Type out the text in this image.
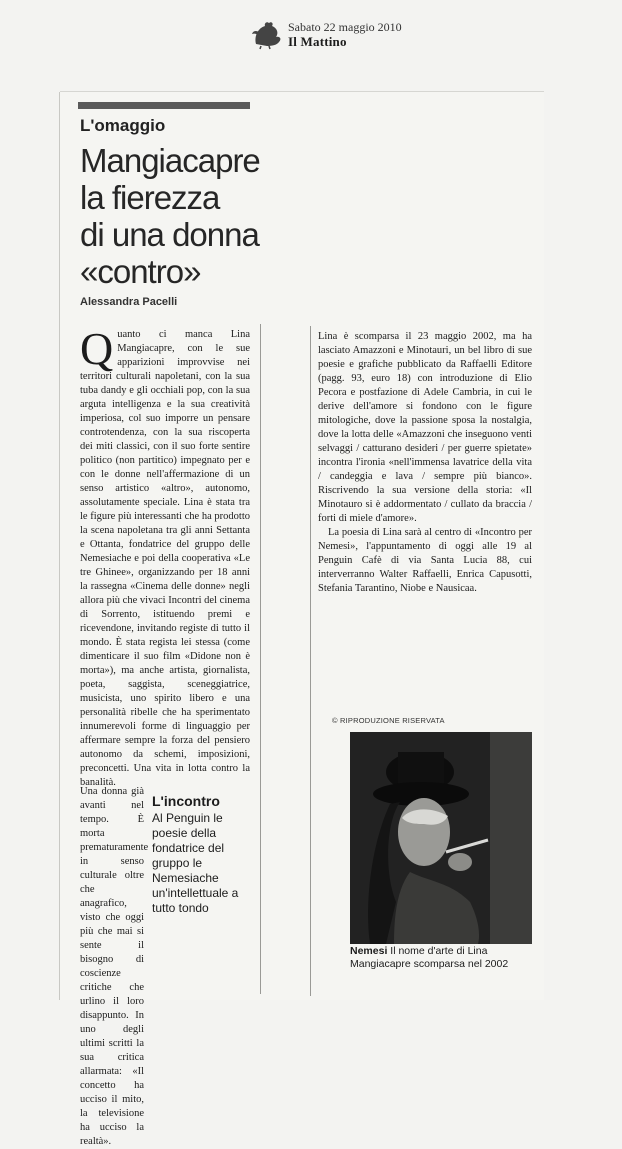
Sabato 22 maggio 2010
Il Mattino
L'omaggio
Mangiacapre
la fierezza
di una donna
«contro»
Alessandra Pacelli

Quanto ci manca Lina Mangiacapre, con le sue apparizioni improvvise nei territori culturali napoletani, con la sua tuba dandy e gli occhiali pop, con la sua arguta intelligenza e la sua creatività imperiosa, col suo imporre un pensare controtendenza, con la sua riscoperta dei miti classici, con il suo forte sentire politico (non partitico) impegnato per e con le donne nell'affermazione di un senso artistico «altro», autonomo, assolutamente speciale. Lina è stata tra le figure più interessanti che ha prodotto la scena napoletana tra gli anni Settanta e Ottanta, fondatrice del gruppo delle Nemesiache e poi della cooperativa «Le tre Ghinee», organizzando per 18 anni la rassegna «Cinema delle donne» negli allora più che vivaci Incontri del cinema di Sorrento, istituendo premi e ricevendone, invitando registe di tutto il mondo. È stata regista lei stessa (come dimenticare il suo film «Didone non è morta»), ma anche artista, giornalista, poeta, saggista, sceneggiatrice, musicista, uno spirito libero e una personalità ribelle che ha sperimentato innumerevoli forme di linguaggio per affermare sempre la forza del pensiero autonomo da schemi, imposizioni, preconcetti. Una vita in lotta contro la banalità.

Una donna già avanti nel tempo. È morta prematuramente in senso culturale oltre che anagrafico, visto che oggi più che mai si sente il bisogno di coscienze critiche che urlino il loro disappunto. In uno degli ultimi scritti la sua critica allarmata: «Il concetto ha ucciso il mito, la televisione ha ucciso la realtà».

L'incontro
Al Penguin le poesie della fondatrice del gruppo le Nemesiache un'intellettuale a tutto tondo

Lina è scomparsa il 23 maggio 2002, ma ha lasciato Amazzoni e Minotauri, un bel libro di sue poesie e grafiche pubblicato da Raffaelli Editore (pagg. 93, euro 18) con introduzione di Elio Pecora e postfazione di Adele Cambria, in cui le derive dell'amore si fondono con le figure mitologiche, dove la passione sposa la nostalgia, dove la lotta delle «Amazzoni che inseguono venti selvaggi / catturano desideri / per guerre spietate» incontra l'ironia «nell'immensa lavatrice della vita / candeggia e lava / sempre più bianco». Riscrivendo la sua versione della storia: «Il Minotauro si è addormentato / cullato da braccia / forti di miele d'amore».

La poesia di Lina sarà al centro di «Incontro per Nemesi», l'appuntamento di oggi alle 19 al Penguin Cafè di via Santa Lucia 88, cui interverranno Walter Raffaelli, Enrica Capusotti, Stefania Tarantino, Niobe e Nausicaa.

© RIPRODUZIONE RISERVATA
Nemesi Il nome d'arte di Lina Mangiacapre scomparsa nel 2002
